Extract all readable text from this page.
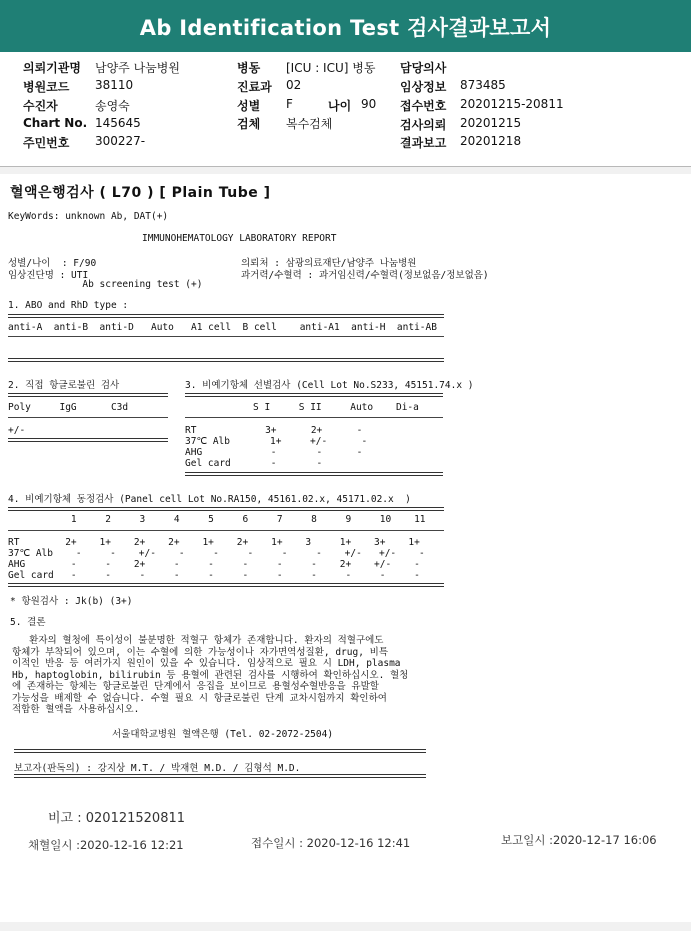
Ab Identification Test 검사결과보고서
의뢰기관명 남양주 나눔병원	병동 [ICU : ICU] 병동 담당의사
병원코드 38110	진료과 02	임상정보 873485
수진자	송영숙	성별 F	나이 90 접수번호 20201215-20811
Chart No. 145645	검체 복수검체	검사의뢰 20201215
주민번호 300227-	결과보고 20201218
혈액은행검사 ( L70 ) [ Plain Tube ]
KeyWords: unknown Ab, DAT(+)
IMMUNOHEMATOLOGY LABORATORY REPORT
성별/나이  : F/90
임상진단명 : UTI
Ab screening test (+)
의뢰처 : 삼광의료재단/남양주 나눔병원
과거력/수혈력 : 과거임신력/수혈력(정보없음/정보없음)
1. ABO and RhD type :
anti-A  anti-B  anti-D   Auto   A1 cell  B cell    anti-A1  anti-H  anti-AB
2. 직접 항글로불린 검사
Poly     IgG      C3d
+/-
3. 비예기항체 선별검사 (Cell Lot No.S233, 45151.74.x )
S I     S II     Auto    Di-a
RT            3+      2+      -
37℃ Alb       1+     +/-      -
AHG            -       -      -
Gel card       -       -
4. 비예기항체 동정검사 (Panel cell Lot No.RA150, 45161.02.x, 45171.02.x  )
1     2     3     4     5     6     7     8     9     10    11
RT        2+    1+    2+    2+    1+    2+    1+    3     1+    3+    1+
37℃ Alb    -     -    +/-    -     -     -     -     -    +/-   +/-    -
AHG        -     -    2+     -     -     -     -     -    2+    +/-    -
Gel card   -     -     -     -     -     -     -     -     -     -     -
* 항원검사 : Jk(b) (3+)
5. 결론
환자의 혈청에 특이성이 불분명한 적혈구 항체가 존재합니다. 환자의 적혈구에도
항체가 부착되어 있으며, 이는 수혈에 의한 가능성이나 자가면역성질환, drug, 비특
이적인 반응 등 여러가지 원인이 있을 수 있습니다. 임상적으로 필요 시 LDH, plasma
Hb, haptoglobin, bilirubin 등 용혈에 관련된 검사를 시행하여 확인하십시오. 혈청
에 존재하는 항체는 항글로불린 단계에서 응집을 보이므로 용혈성수혈반응을 유발할
가능성을 배제할 수 없습니다. 수혈 필요 시 항글로불린 단계 교차시험까지 확인하여
적합한 혈액을 사용하십시오.
서울대학교병원 혈액은행 (Tel. 02-2072-2504)
보고자(판독의) : 강지상 M.T. / 박재현 M.D. / 김형석 M.D.
비고 : 020121520811
채혈일시 :2020-12-16 12:21	접수일시 : 2020-12-16 12:41	보고일시 :2020-12-17 16:06
